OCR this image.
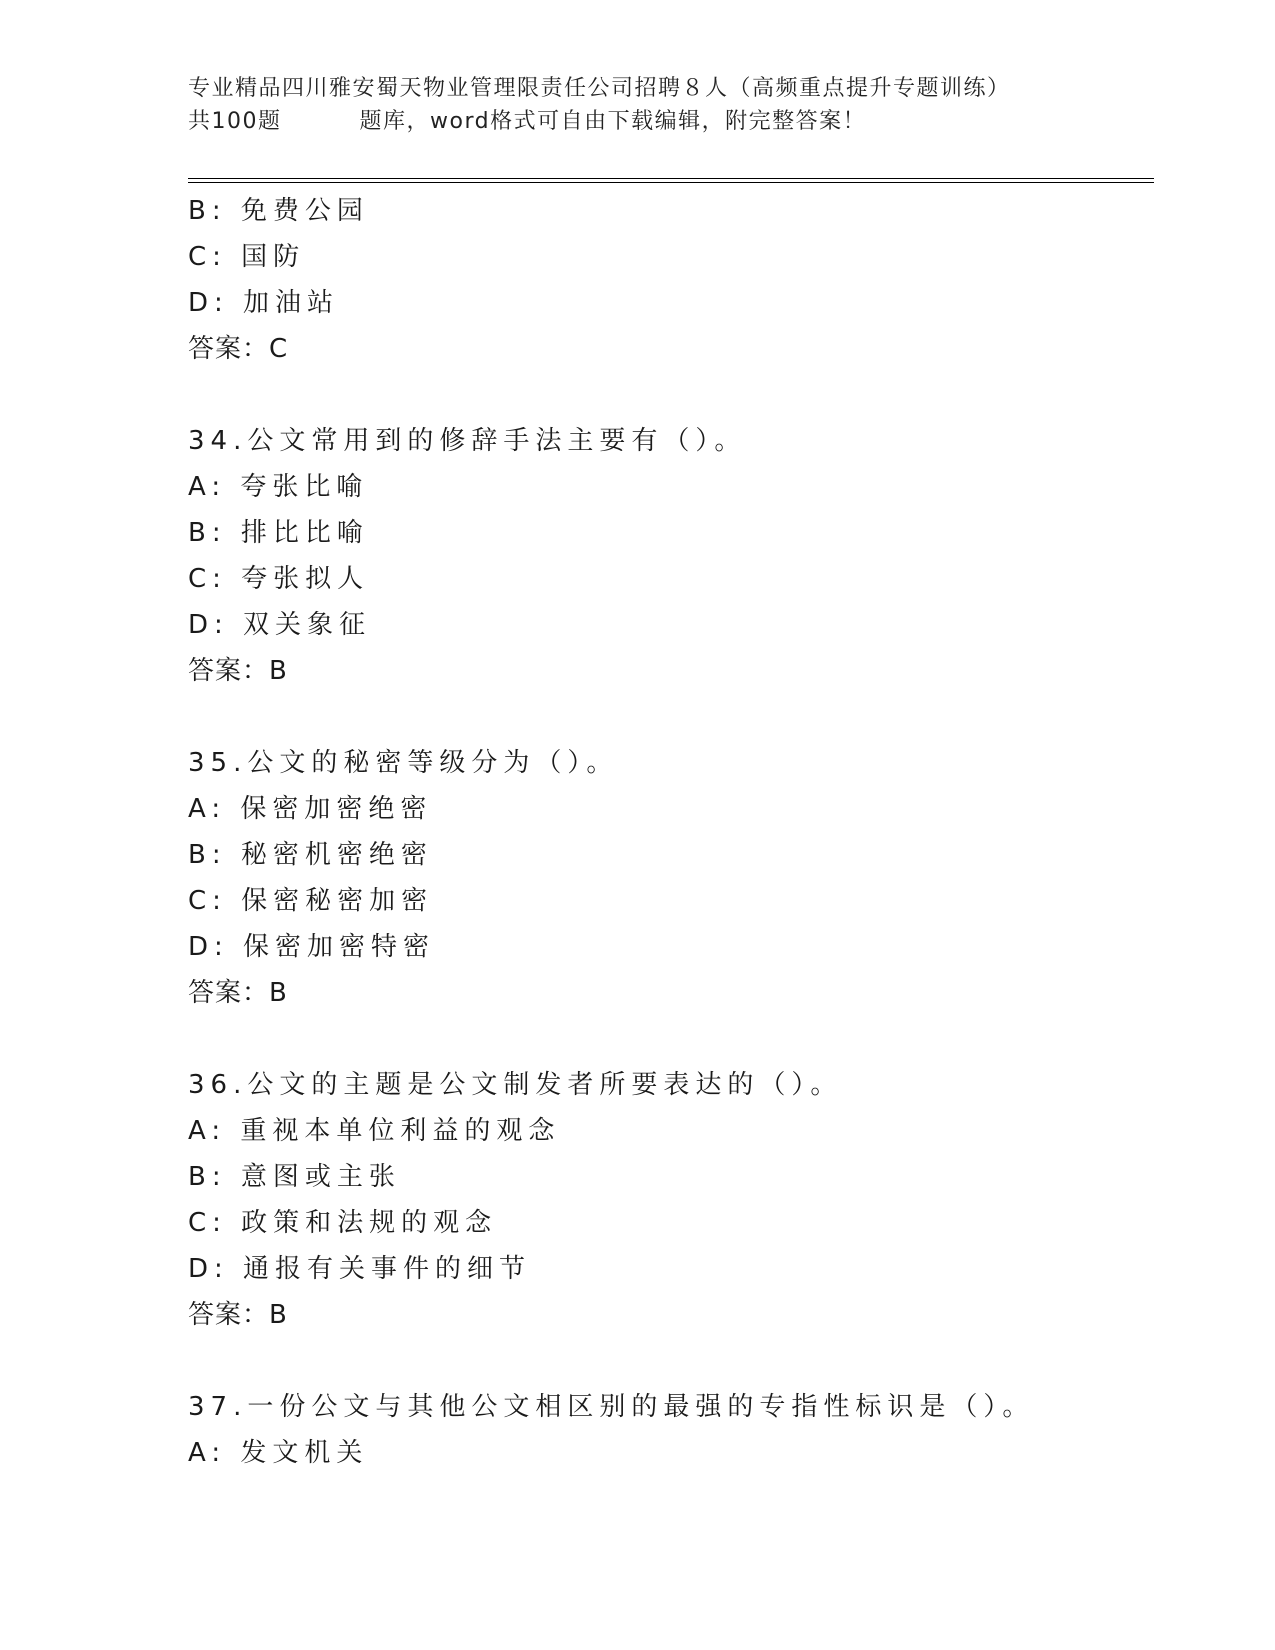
专业精品四川雅安蜀天物业管理限责任公司招聘８人（高频重点提升专题训练）
共100题	题库，word格式可自由下载编辑，附完整答案！
B: 免费公园
C: 国防
D: 加油站
答案：C
34.公文常用到的修辞手法主要有（）。
A: 夸张比喻
B: 排比比喻
C: 夸张拟人
D: 双关象征
答案：B
35.公文的秘密等级分为（）。
A: 保密加密绝密
B: 秘密机密绝密
C: 保密秘密加密
D: 保密加密特密
答案：B
36.公文的主题是公文制发者所要表达的（）。
A: 重视本单位利益的观念
B: 意图或主张
C: 政策和法规的观念
D: 通报有关事件的细节
答案：B
37.一份公文与其他公文相区别的最强的专指性标识是（）。
A: 发文机关
